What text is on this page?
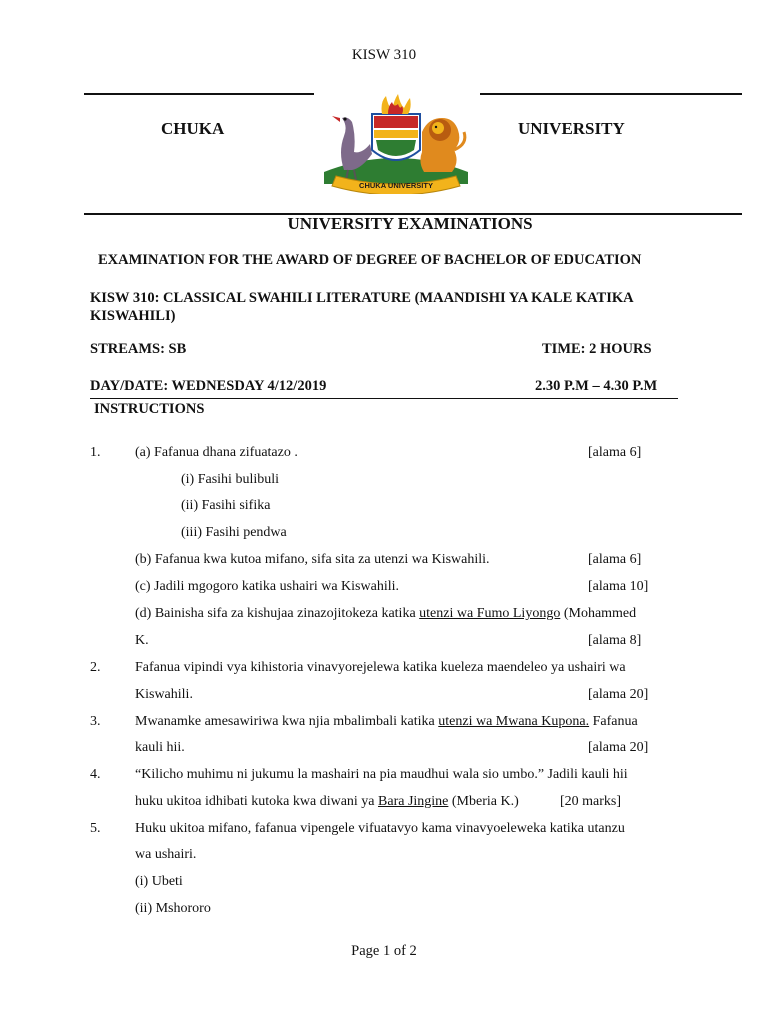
KISW 310
CHUKA	UNIVERSITY
CHUKA UNIVERSITY
UNIVERSITY EXAMINATIONS
EXAMINATION FOR THE AWARD OF DEGREE OF BACHELOR OF EDUCATION
KISW 310: CLASSICAL SWAHILI LITERATURE (MAANDISHI YA KALE KATIKA
KISWAHILI)
STREAMS: SB	TIME: 2 HOURS
DAY/DATE: WEDNESDAY 4/12/2019	2.30 P.M – 4.30 P.M
INSTRUCTIONS
1. (a) Fafanua dhana zifuatazo .	[alama 6]
(i) Fasihi bulibuli
(ii) Fasihi sifika
(iii) Fasihi pendwa
(b) Fafanua kwa kutoa mifano, sifa sita za utenzi wa Kiswahili.	[alama 6]
(c) Jadili mgogoro katika ushairi wa Kiswahili.	[alama 10]
(d) Bainisha sifa za kishujaa zinazojitokeza katika utenzi wa Fumo Liyongo (Mohammed
K.	[alama 8]
2. Fafanua vipindi vya kihistoria vinavyorejelewa katika kueleza maendeleo ya ushairi wa
Kiswahili.	[alama 20]
3. Mwanamke amesawiriwa kwa njia mbalimbali katika utenzi wa Mwana Kupona. Fafanua
kauli hii.	[alama 20]
4. “Kilicho muhimu ni jukumu la mashairi na pia maudhui wala sio umbo.” Jadili kauli hii
huku ukitoa idhibati kutoka kwa diwani ya Bara Jingine (Mberia K.)	[20 marks]
5. Huku ukitoa mifano, fafanua vipengele vifuatavyo kama vinavyoeleweka katika utanzu
wa ushairi.
(i) Ubeti
(ii) Mshororo
Page 1 of 2
